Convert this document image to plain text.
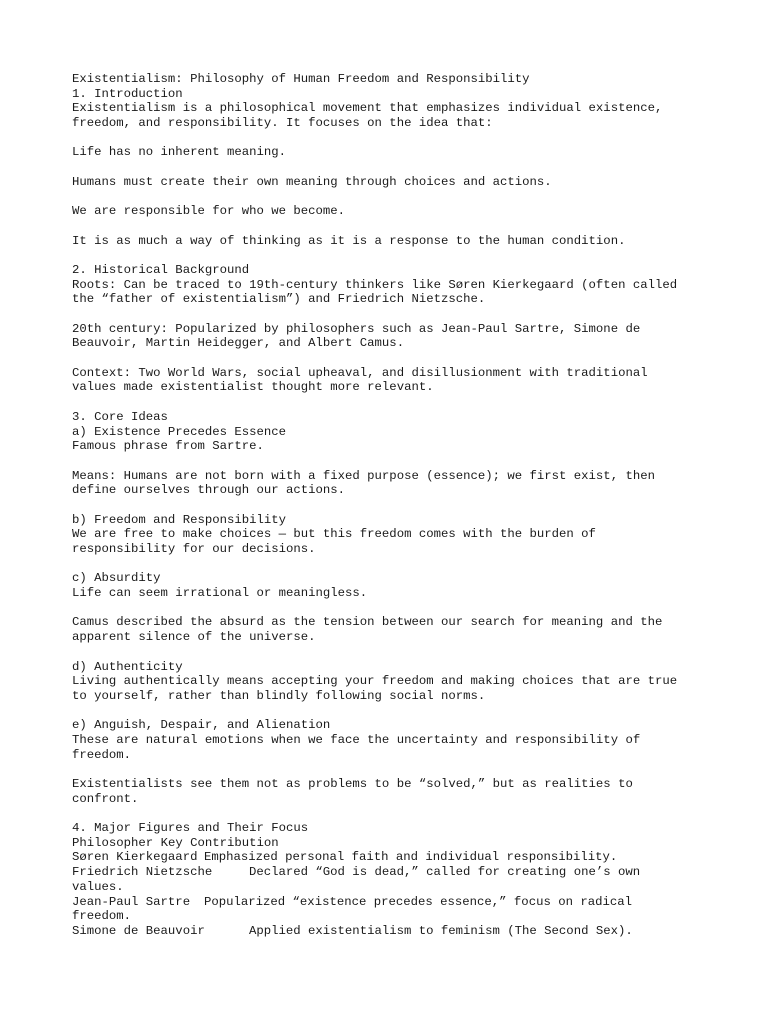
Existentialism: Philosophy of Human Freedom and Responsibility
1. Introduction
Existentialism is a philosophical movement that emphasizes individual existence,
freedom, and responsibility. It focuses on the idea that:
Life has no inherent meaning.
Humans must create their own meaning through choices and actions.
We are responsible for who we become.
It is as much a way of thinking as it is a response to the human condition.
2. Historical Background
Roots: Can be traced to 19th-century thinkers like Søren Kierkegaard (often called
the “father of existentialism”) and Friedrich Nietzsche.
20th century: Popularized by philosophers such as Jean-Paul Sartre, Simone de
Beauvoir, Martin Heidegger, and Albert Camus.
Context: Two World Wars, social upheaval, and disillusionment with traditional
values made existentialist thought more relevant.
3. Core Ideas
a) Existence Precedes Essence
Famous phrase from Sartre.
Means: Humans are not born with a fixed purpose (essence); we first exist, then
define ourselves through our actions.
b) Freedom and Responsibility
We are free to make choices — but this freedom comes with the burden of
responsibility for our decisions.
c) Absurdity
Life can seem irrational or meaningless.
Camus described the absurd as the tension between our search for meaning and the
apparent silence of the universe.
d) Authenticity
Living authentically means accepting your freedom and making choices that are true
to yourself, rather than blindly following social norms.
e) Anguish, Despair, and Alienation
These are natural emotions when we face the uncertainty and responsibility of
freedom.
Existentialists see them not as problems to be “solved,” but as realities to
confront.
4. Major Figures and Their Focus
Philosopher Key Contribution
Søren Kierkegaard Emphasized personal faith and individual responsibility.
Friedrich Nietzsche	Declared “God is dead,” called for creating one’s own
values.
Jean-Paul Sartre Popularized “existence precedes essence,” focus on radical
freedom.
Simone de Beauvoir	Applied existentialism to feminism (The Second Sex).
